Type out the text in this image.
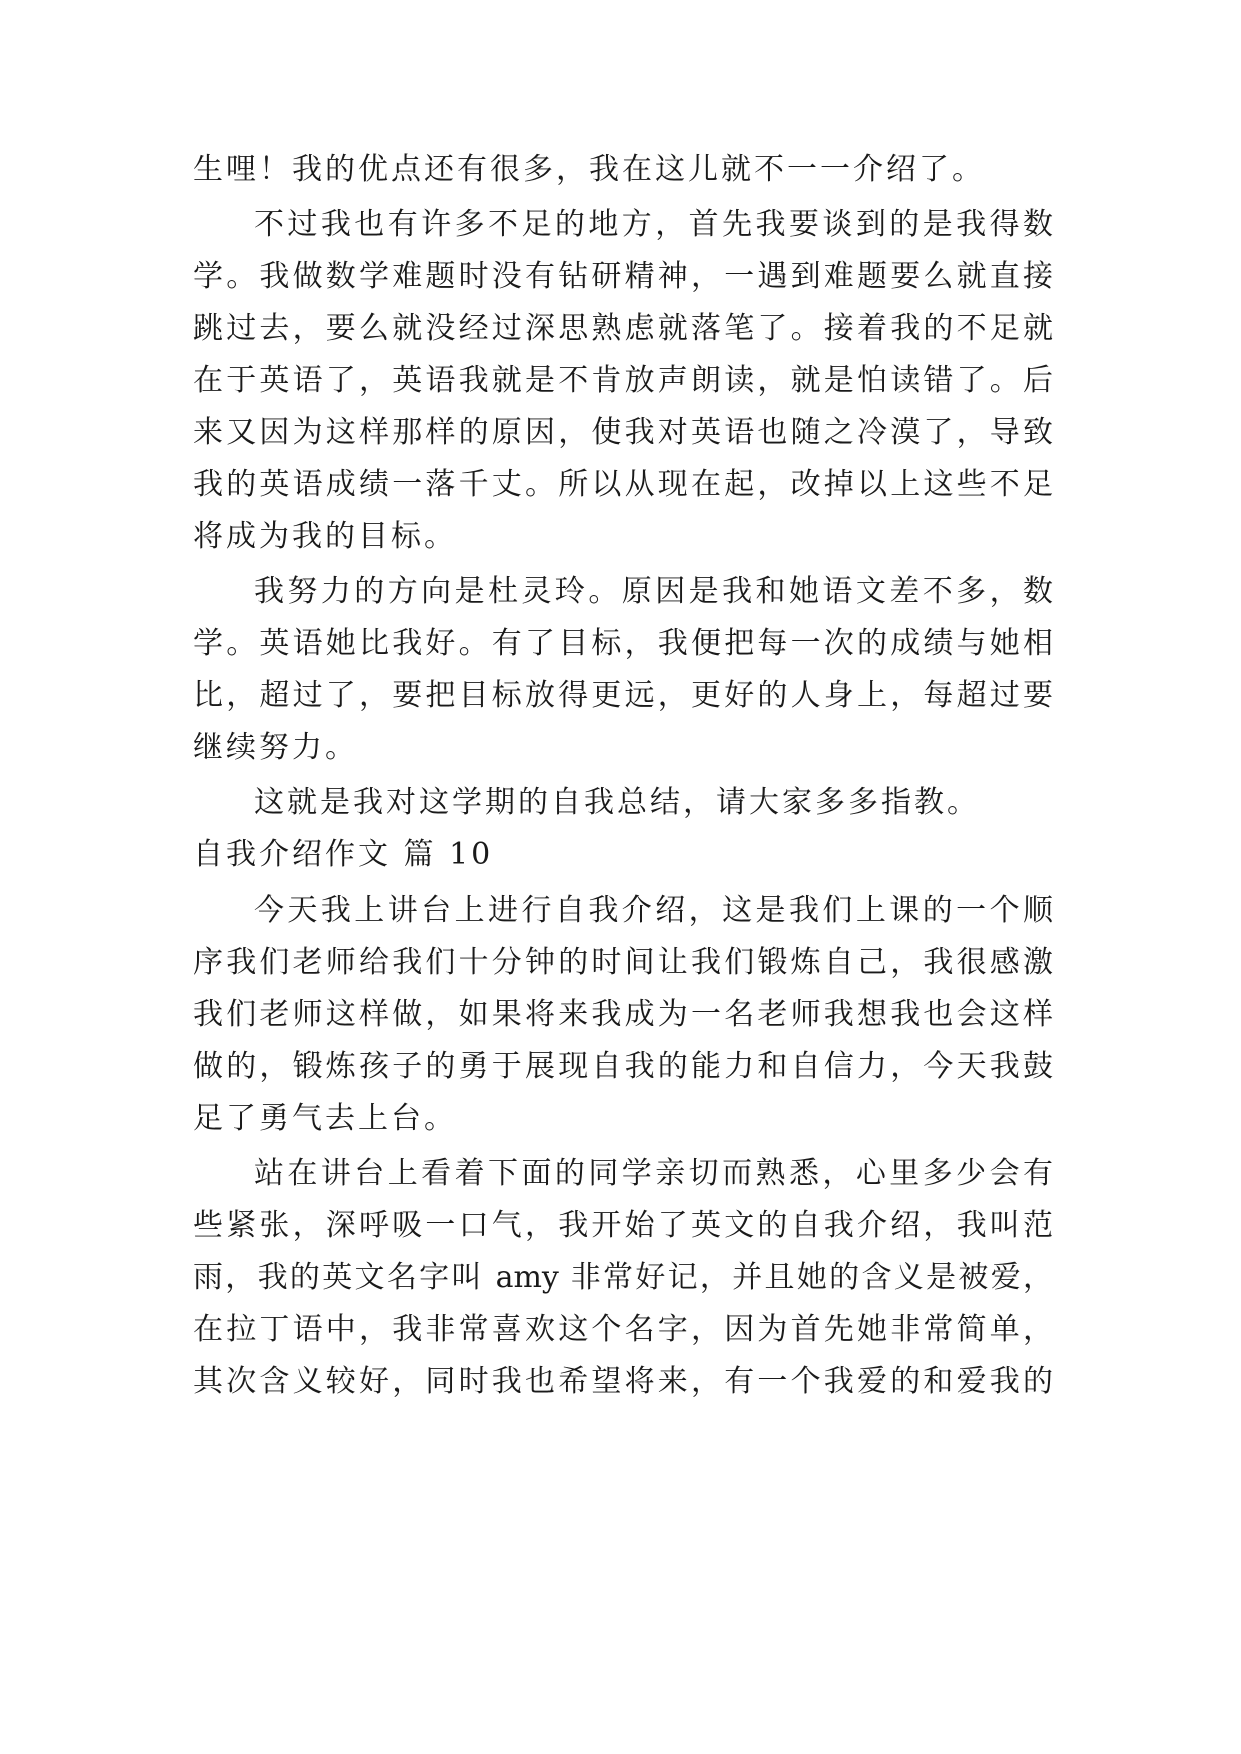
生哩！我的优点还有很多，我在这儿就不一一介绍了。
不过我也有许多不足的地方，首先我要谈到的是我得数
学。我做数学难题时没有钻研精神，一遇到难题要么就直接
跳过去，要么就没经过深思熟虑就落笔了。接着我的不足就
在于英语了，英语我就是不肯放声朗读，就是怕读错了。后
来又因为这样那样的原因，使我对英语也随之冷漠了，导致
我的英语成绩一落千丈。所以从现在起，改掉以上这些不足
将成为我的目标。
我努力的方向是杜灵玲。原因是我和她语文差不多，数
学。英语她比我好。有了目标，我便把每一次的成绩与她相
比，超过了，要把目标放得更远，更好的人身上，每超过要
继续努力。
这就是我对这学期的自我总结，请大家多多指教。
自我介绍作文 篇 10
今天我上讲台上进行自我介绍，这是我们上课的一个顺
序我们老师给我们十分钟的时间让我们锻炼自己，我很感激
我们老师这样做，如果将来我成为一名老师我想我也会这样
做的，锻炼孩子的勇于展现自我的能力和自信力，今天我鼓
足了勇气去上台。
站在讲台上看着下面的同学亲切而熟悉，心里多少会有
些紧张，深呼吸一口气，我开始了英文的自我介绍，我叫范
雨，我的英文名字叫 amy 非常好记，并且她的含义是被爱，
在拉丁语中，我非常喜欢这个名字，因为首先她非常简单，
其次含义较好，同时我也希望将来，有一个我爱的和爱我的
